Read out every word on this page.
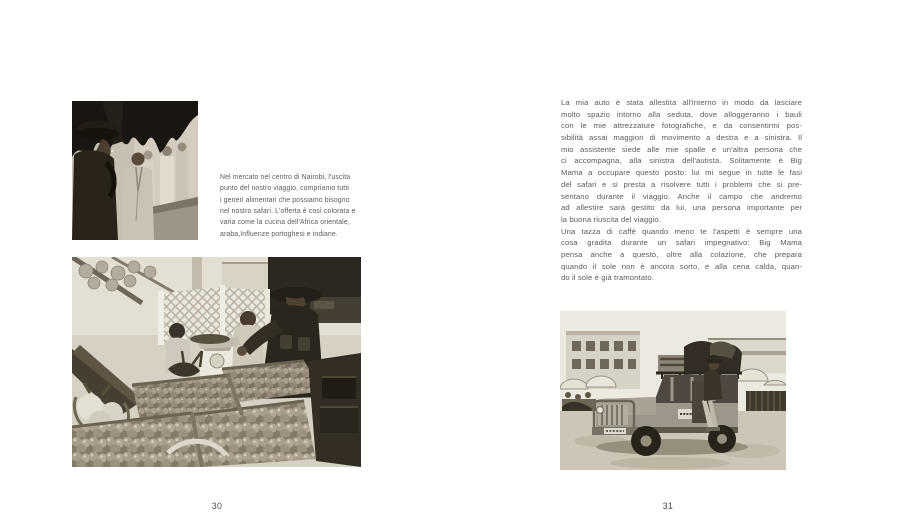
Nel mercato nel centro di Nairobi, l'uscita
punto del nostro viaggio, compriamo tutti
i generi alimentari che possiamo bisogno
nel nostro safari. L'offerta è così colorata e
varia come la cucina dell'Africa orientale,
araba,Influenze portoghesi e indiane.
30
La mia auto è stata allestita all'interno in modo da lasciare
molto spazio intorno alla seduta, dove alloggeranno i bauli
con le mie attrezzature fotografiche, e da consentirmi pos-
sibilità assai maggiori di movimento a destra e a sinistra. Il
mio assistente siede alle mie spalle e un'altra persona che
ci accompagna, alla sinistra dell'autista. Solitamente è Big
Mama a occupare questo posto: lui mi segue in tutte le fasi
del safari e si presta a risolvere tutti i problemi che si pre-
sentano durante il viaggio. Anche il campo che andremo
ad allestire sarà gestito da lui, una persona importante per
la buona riuscita del viaggio.
Una tazza di caffè quando meno te l'aspetti è sempre una
cosa gradita durante un safari impegnativo: Big Mama
pensa anche a questo, oltre alla colazione, che prepara
quando il sole non è ancora sorto, e alla cena calda, quan-
do il sole è già tramontato.
31
